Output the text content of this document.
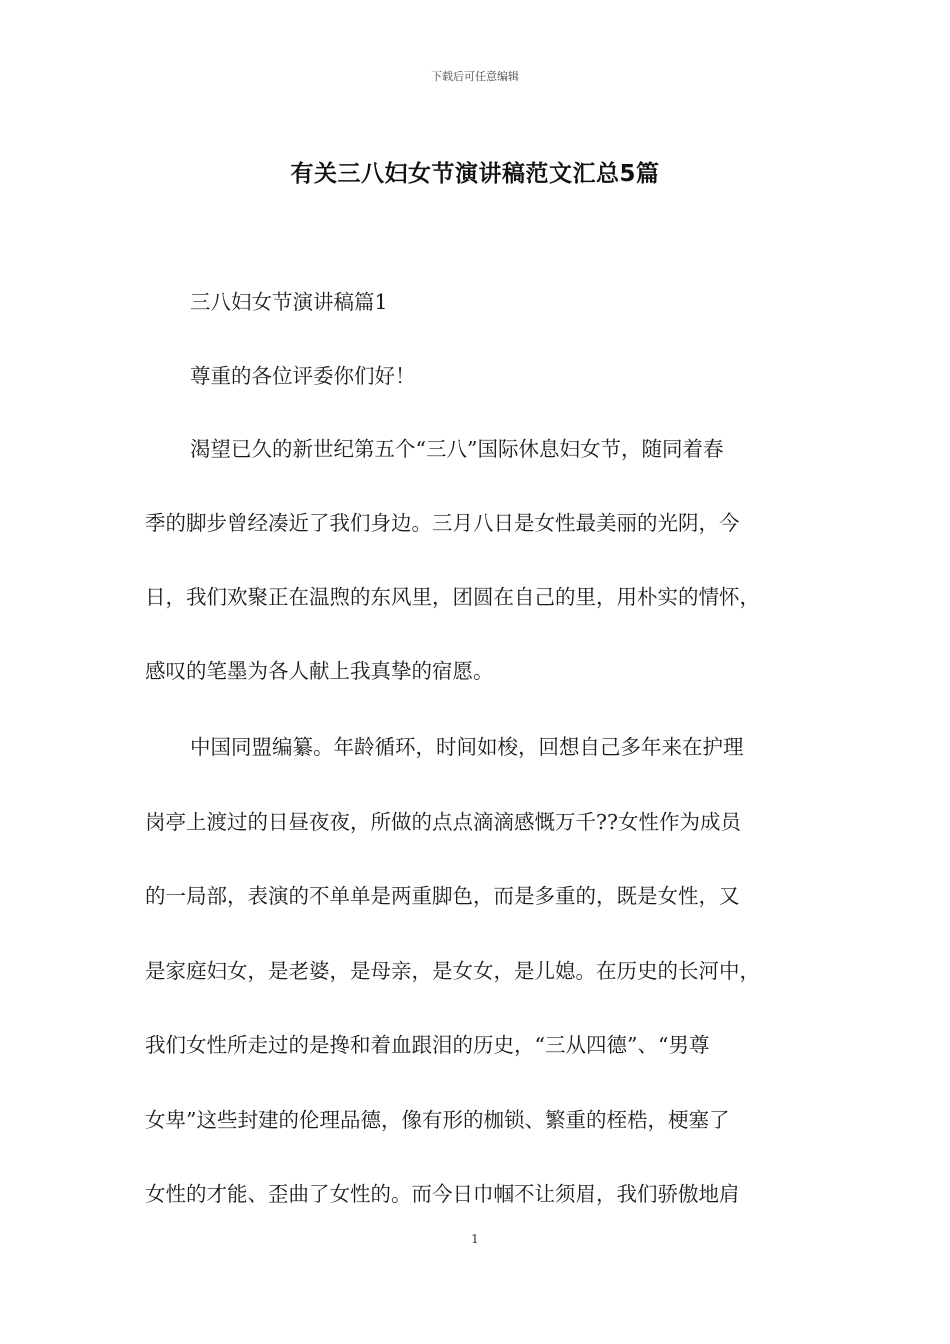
下载后可任意编辑
有关三八妇女节演讲稿范文汇总5篇

三八妇女节演讲稿篇1

尊重的各位评委你们好！

渴望已久的新世纪第五个“三八”国际休息妇女节，随同着春

季的脚步曾经凑近了我们身边。三月八日是女性最美丽的光阴，今

日，我们欢聚正在温煦的东风里，团圆在自己的里，用朴实的情怀，

感叹的笔墨为各人献上我真挚的宿愿。

中国同盟编纂。年龄循环，时间如梭，回想自己多年来在护理

岗亭上渡过的日昼夜夜，所做的点点滴滴感慨万千??女性作为成员

的一局部，表演的不单单是两重脚色，而是多重的，既是女性，又

是家庭妇女，是老婆，是母亲，是女女，是儿媳。在历史的长河中，

我们女性所走过的是搀和着血跟泪的历史，“三从四德”、“男尊

女卑”这些封建的伦理品德，像有形的枷锁、繁重的桎梏，梗塞了

女性的才能、歪曲了女性的。而今日巾帼不让须眉，我们骄傲地肩

1
